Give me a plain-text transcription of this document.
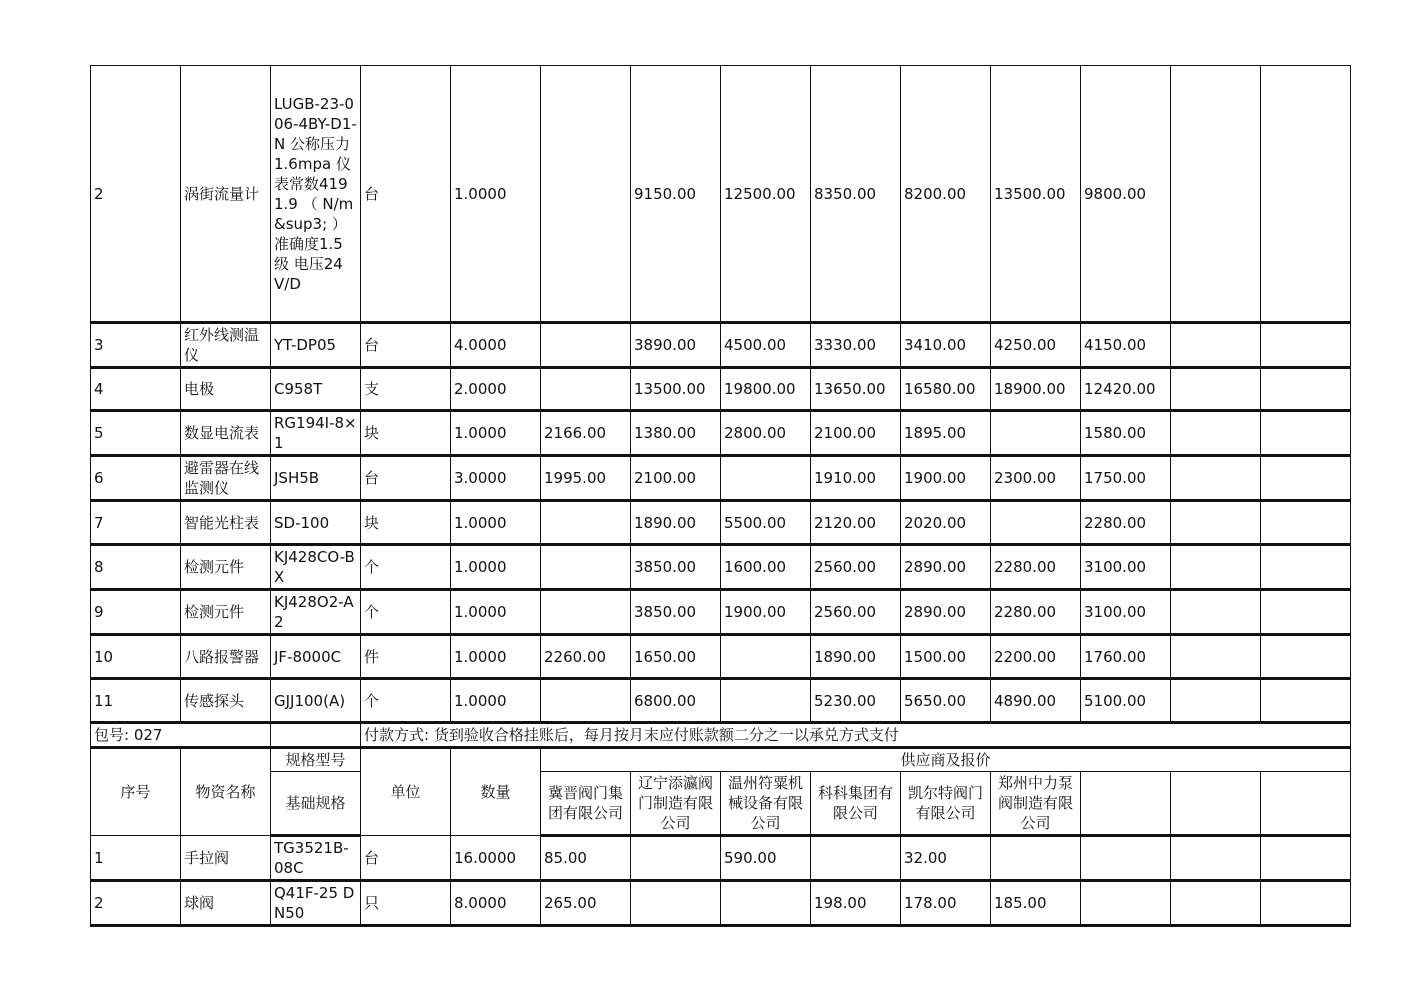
2	涡街流量计	LUGB-23-006-4BY-D1-N 公称压力 1.6mpa 仪表常数4191.9 （ N/m&sup3; ）准确度1.5级 电压24V/D	台	1.0000		9150.00	12500.00	8350.00	8200.00	13500.00	9800.00		
3	红外线测温仪	YT-DP05	台	4.0000		3890.00	4500.00	3330.00	3410.00	4250.00	4150.00		
4	电极	C958T	支	2.0000		13500.00	19800.00	13650.00	16580.00	18900.00	12420.00		
5	数显电流表	RG194I-8×1	块	1.0000	2166.00	1380.00	2800.00	2100.00	1895.00		1580.00		
6	避雷器在线监测仪	JSH5B	台	3.0000	1995.00	2100.00		1910.00	1900.00	2300.00	1750.00		
7	智能光柱表	SD-100	块	1.0000		1890.00	5500.00	2120.00	2020.00		2280.00		
8	检测元件	KJ428CO-BX	个	1.0000		3850.00	1600.00	2560.00	2890.00	2280.00	3100.00		
9	检测元件	KJ428O2-A2	个	1.0000		3850.00	1900.00	2560.00	2890.00	2280.00	3100.00		
10	八路报警器	JF-8000C	件	1.0000	2260.00	1650.00		1890.00	1500.00	2200.00	1760.00		
11	传感探头	GJJ100(A)	个	1.0000		6800.00		5230.00	5650.00	4890.00	5100.00		
包号: 027			付款方式: 货到验收合格挂账后，每月按月末应付账款额二分之一以承兑方式支付										
序号	物资名称	规格型号	单位	数量	供应商及报价								
		基础规格			冀晋阀门集团有限公司	辽宁添瀛阀门制造有限公司	温州符粟机械设备有限公司	科科集团有限公司	凯尔特阀门有限公司	郑州中力泵阀制造有限公司			
1	手拉阀	TG3521B-08C	台	16.0000	85.00		590.00		32.00				
2	球阀	Q41F-25 DN50	只	8.0000	265.00			198.00	178.00	185.00			
